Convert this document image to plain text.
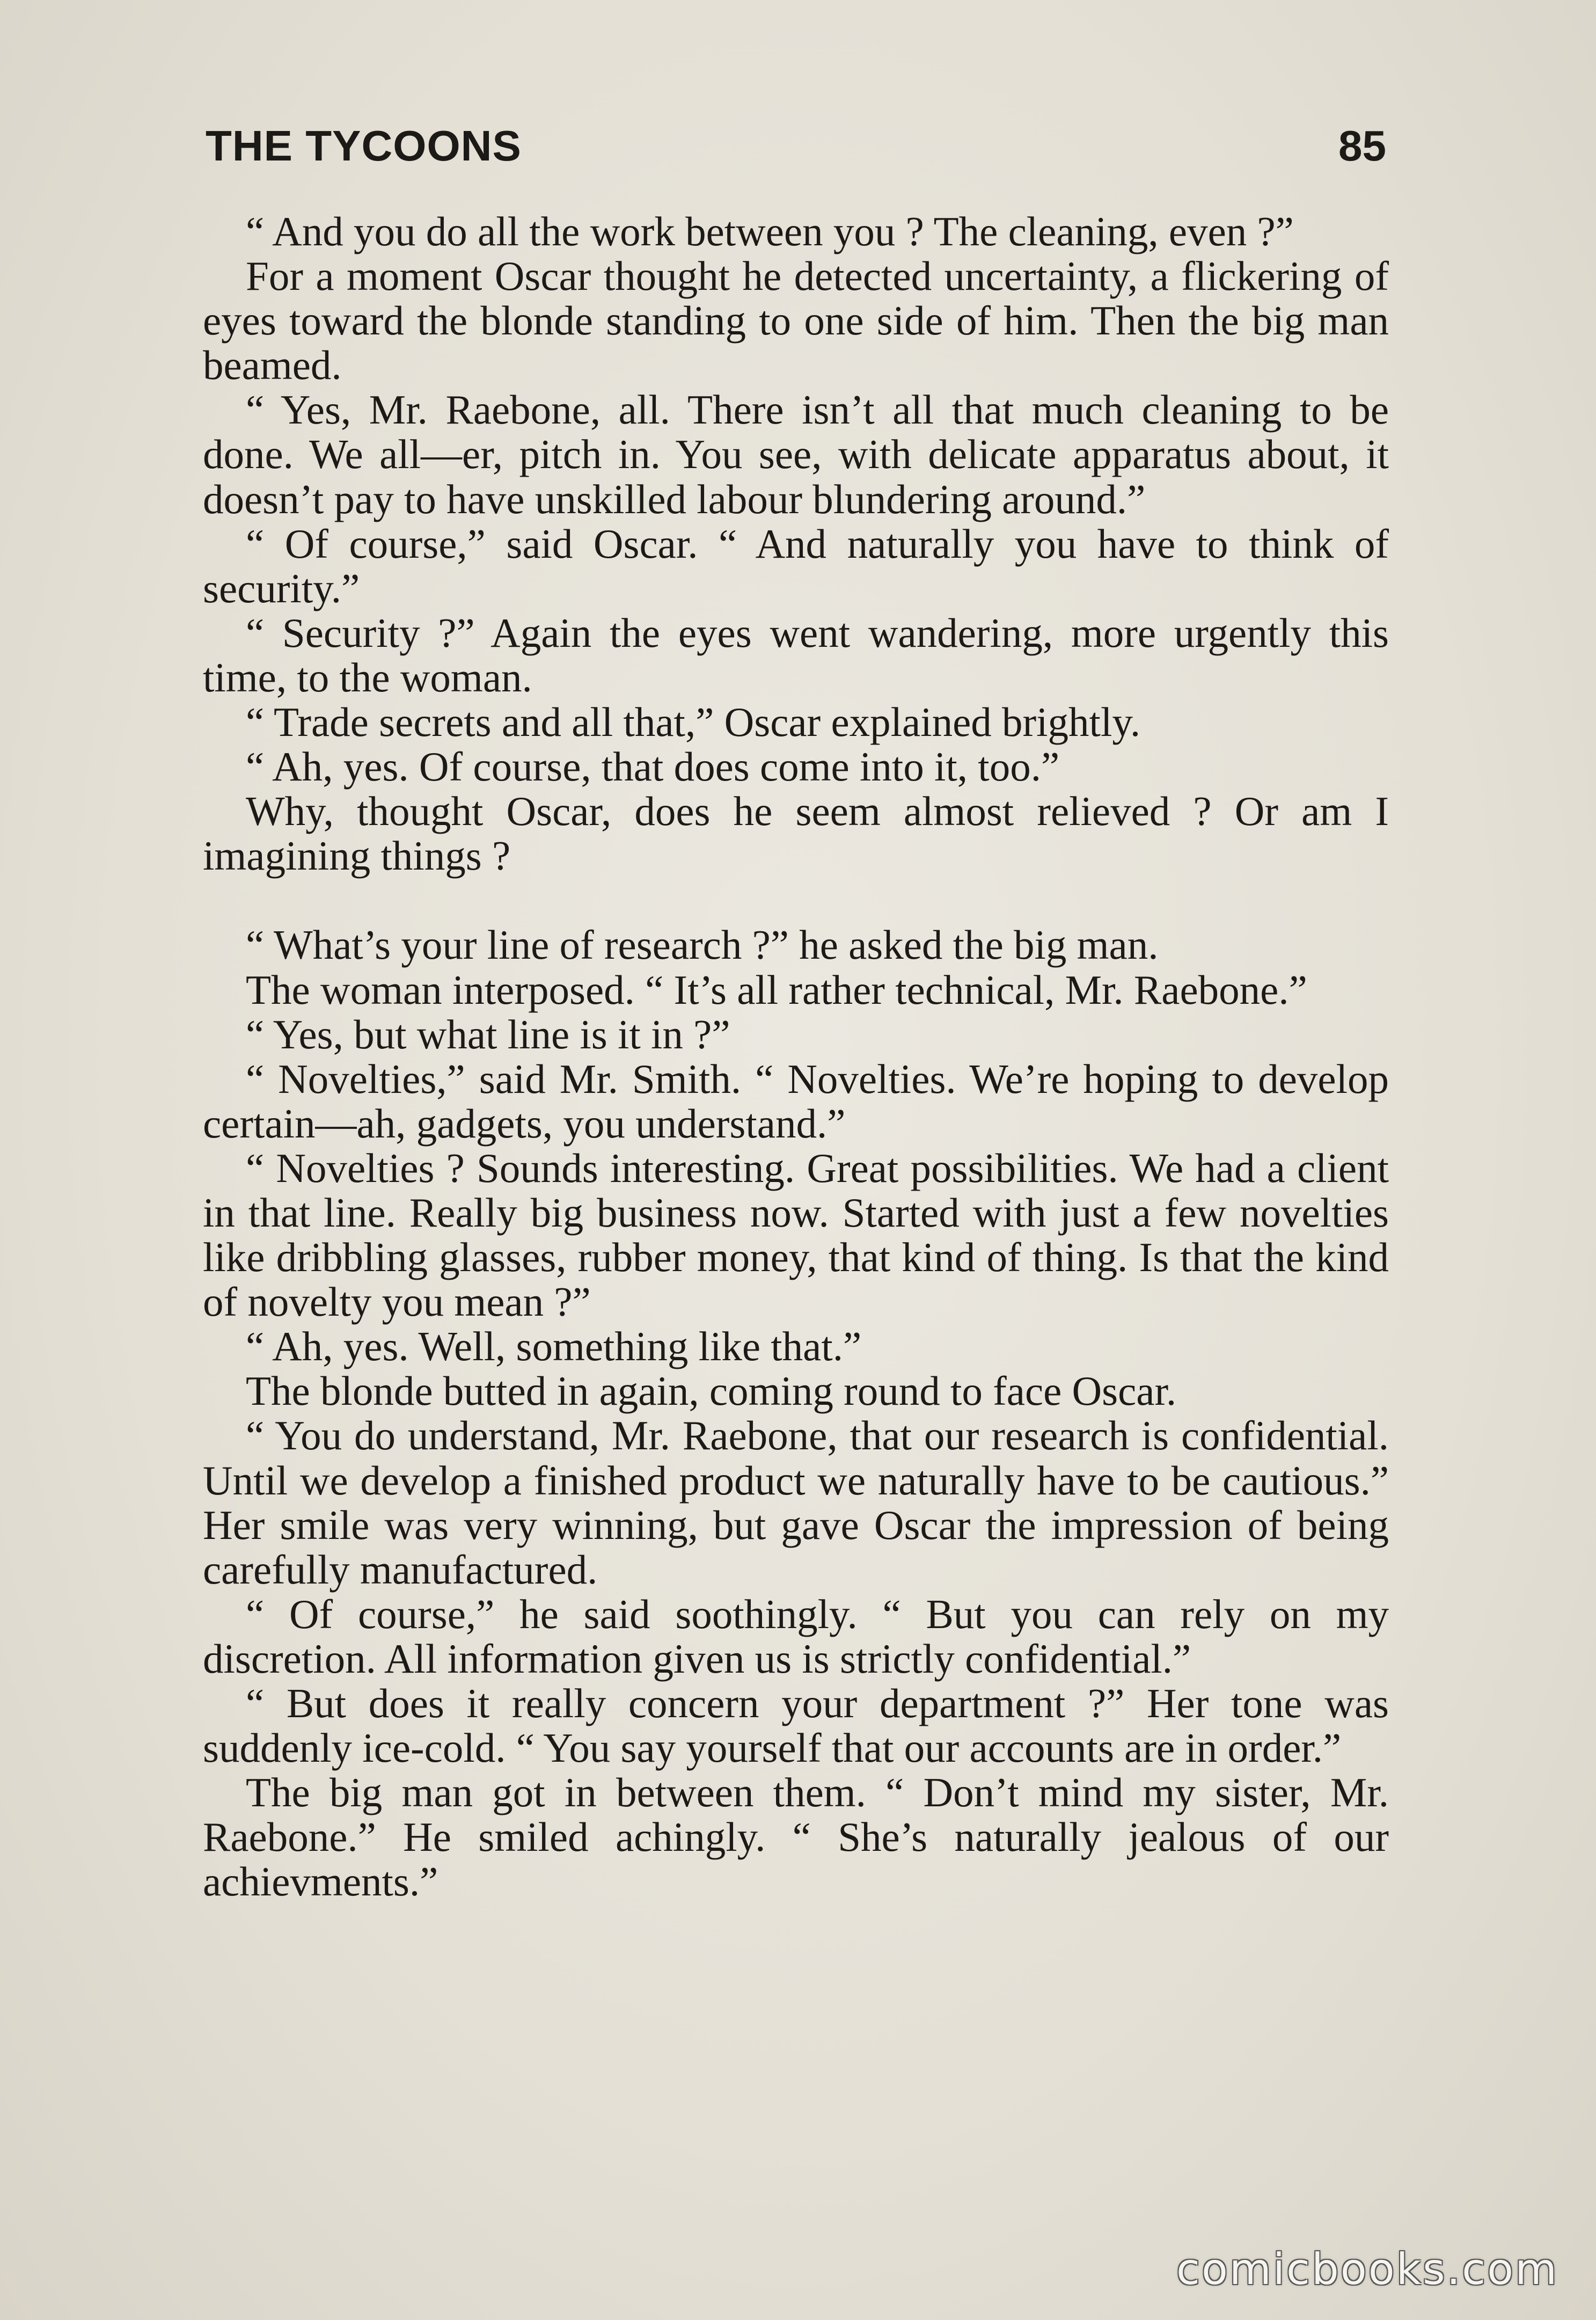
THE TYCOONS	85

“ And you do all the work between you ? The cleaning, even ?”

For a moment Oscar thought he detected uncertainty, a flickering of eyes toward the blonde standing to one side of him. Then the big man beamed.

“ Yes, Mr. Raebone, all. There isn’t all that much cleaning to be done. We all—er, pitch in. You see, with delicate apparatus about, it doesn’t pay to have unskilled labour blundering around.”

“ Of course,” said Oscar. “ And naturally you have to think of security.”

“ Security ?” Again the eyes went wandering, more urgently this time, to the woman.

“ Trade secrets and all that,” Oscar explained brightly.

“ Ah, yes. Of course, that does come into it, too.”

Why, thought Oscar, does he seem almost relieved ? Or am I imagining things ?

“ What’s your line of research ?” he asked the big man.

The woman interposed. “ It’s all rather technical, Mr. Raebone.”

“ Yes, but what line is it in ?”

“ Novelties,” said Mr. Smith. “ Novelties. We’re hoping to develop certain—ah, gadgets, you understand.”

“ Novelties ? Sounds interesting. Great possibilities. We had a client in that line. Really big business now. Started with just a few novelties like dribbling glasses, rubber money, that kind of thing. Is that the kind of novelty you mean ?”

“ Ah, yes. Well, something like that.”

The blonde butted in again, coming round to face Oscar.

“ You do understand, Mr. Raebone, that our research is confidential. Until we develop a finished product we naturally have to be cautious.” Her smile was very winning, but gave Oscar the impression of being carefully manufactured.

“ Of course,” he said soothingly. “ But you can rely on my discretion. All information given us is strictly confidential.”

“ But does it really concern your department ?” Her tone was suddenly ice-cold. “ You say yourself that our accounts are in order.”

The big man got in between them. “ Don’t mind my sister, Mr. Raebone.” He smiled achingly. “ She’s naturally jealous of our achievments.”

comicbooks.com
